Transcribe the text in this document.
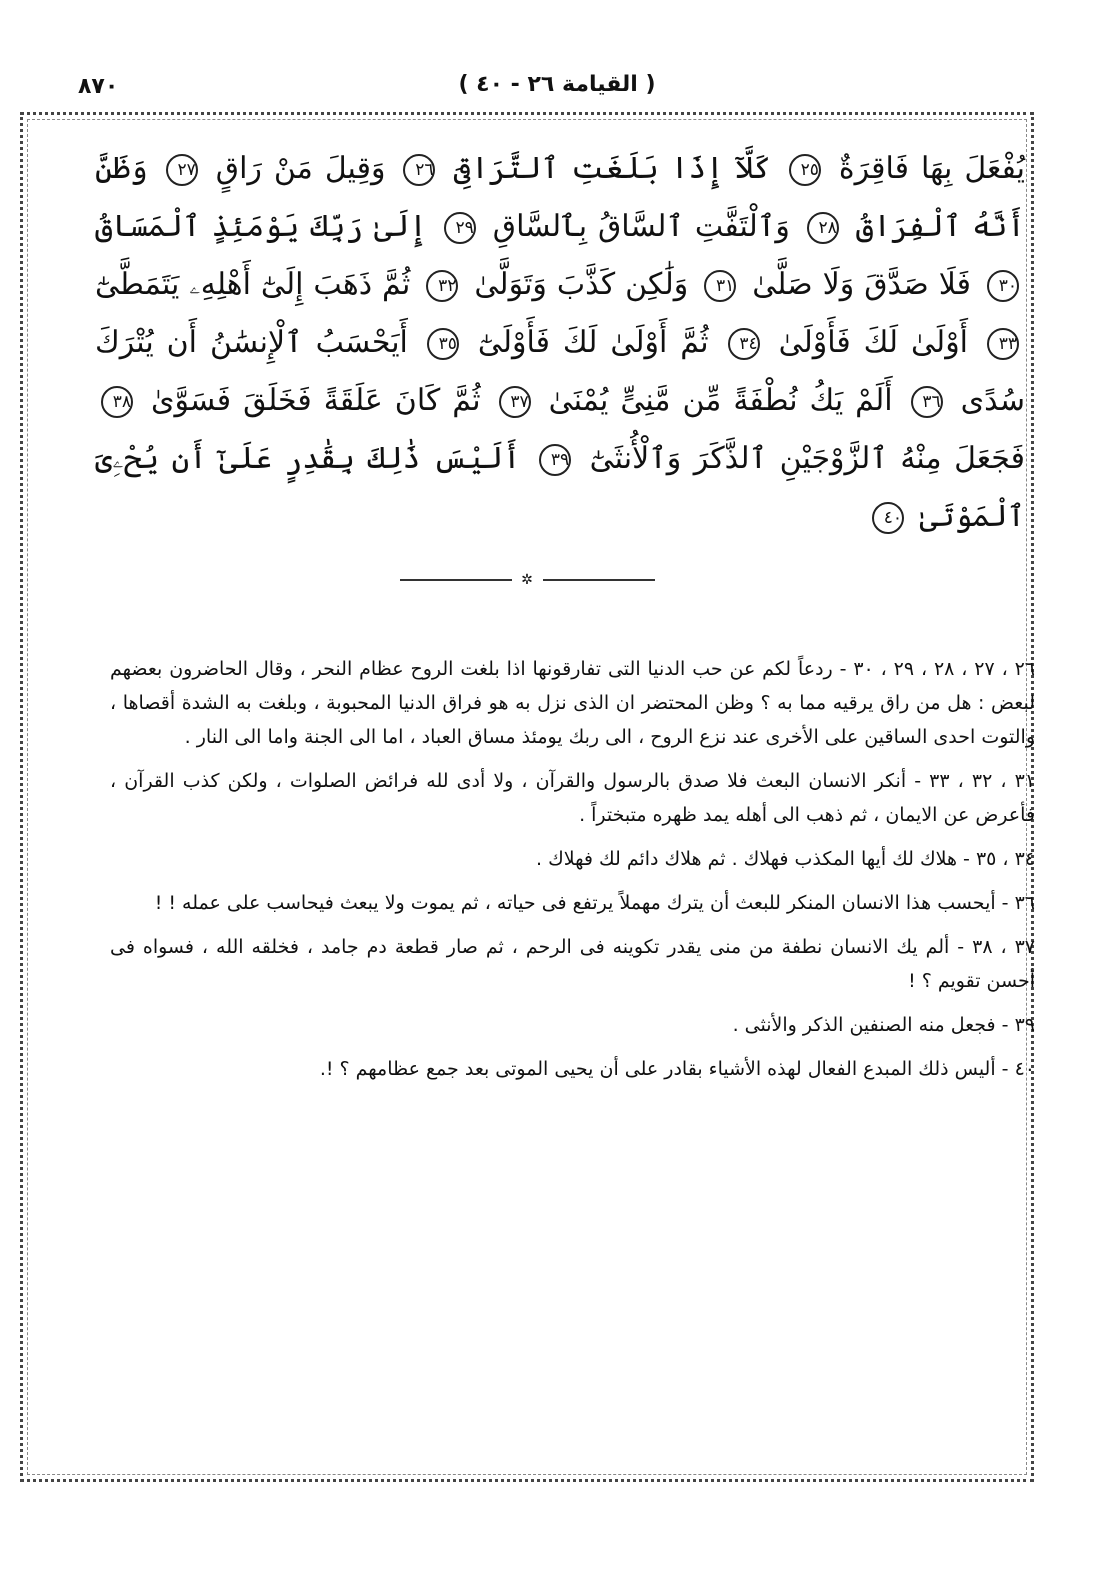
٨٧٠	( القيامة ٢٦ - ٤٠ )
يُفْعَلَ بِهَا فَاقِرَةٌ ٢٥ كَلَّآ إِذَا بَلَغَتِ ٱلتَّرَاقِىَ ٢٦ وَقِيلَ مَنْ رَاقٍ ٢٧ وَظَنَّ أَنَّهُ ٱلْفِرَاقُ ٢٨ وَٱلْتَفَّتِ ٱلسَّاقُ بِٱلسَّاقِ ٢٩ إِلَىٰ رَبِّكَ يَوْمَئِذٍ ٱلْمَسَاقُ ٣٠ فَلَا صَدَّقَ وَلَا صَلَّىٰ ٣١ وَلَٰكِن كَذَّبَ وَتَوَلَّىٰ ٣٢ ثُمَّ ذَهَبَ إِلَىٰٓ أَهْلِهِۦ يَتَمَطَّىٰٓ ٣٣ أَوْلَىٰ لَكَ فَأَوْلَىٰ ٣٤ ثُمَّ أَوْلَىٰ لَكَ فَأَوْلَىٰٓ ٣٥ أَيَحْسَبُ ٱلْإِنسَٰنُ أَن يُتْرَكَ سُدًى ٣٦ أَلَمْ يَكُ نُطْفَةً مِّن مَّنِىٍّ يُمْنَىٰ ٣٧ ثُمَّ كَانَ عَلَقَةً فَخَلَقَ فَسَوَّىٰ ٣٨ فَجَعَلَ مِنْهُ ٱلزَّوْجَيْنِ ٱلذَّكَرَ وَٱلْأُنثَىٰٓ ٣٩ أَلَيْسَ ذَٰلِكَ بِقَٰدِرٍ عَلَىٰٓ أَن يُحْۦِىَ ٱلْمَوْتَىٰ ٤٠
✲

٢٦ ، ٢٧ ، ٢٨ ، ٢٩ ، ٣٠ - ردعاً لكم عن حب الدنيا التى تفارقونها اذا بلغت الروح عظام النحر ، وقال الحاضرون بعضهم لبعض : هل من راق يرقيه مما به ؟ وظن المحتضر ان الذى نزل به هو فراق الدنيا المحبوبة ، وبلغت به الشدة أقصاها ، والتوت احدى الساقين على الأخرى عند نزع الروح ، الى ربك يومئذ مساق العباد ، اما الى الجنة واما الى النار .

٣١ ، ٣٢ ، ٣٣ - أنكر الانسان البعث فلا صدق بالرسول والقرآن ، ولا أدى لله فرائض الصلوات ، ولكن كذب القرآن ، فأعرض عن الايمان ، ثم ذهب الى أهله يمد ظهره متبختراً .

٣٤ ، ٣٥ - هلاك لك أيها المكذب فهلاك . ثم هلاك دائم لك فهلاك .

٣٦ - أيحسب هذا الانسان المنكر للبعث أن يترك مهملاً يرتفع فى حياته ، ثم يموت ولا يبعث فيحاسب على عمله ! !

٣٧ ، ٣٨ - ألم يك الانسان نطفة من منى يقدر تكوينه فى الرحم ، ثم صار قطعة دم جامد ، فخلقه الله ، فسواه فى أحسن تقويم ؟ !

٣٩ - فجعل منه الصنفين الذكر والأنثى .

٤٠ - أليس ذلك المبدع الفعال لهذه الأشياء بقادر على أن يحيى الموتى بعد جمع عظامهم ؟ !.
